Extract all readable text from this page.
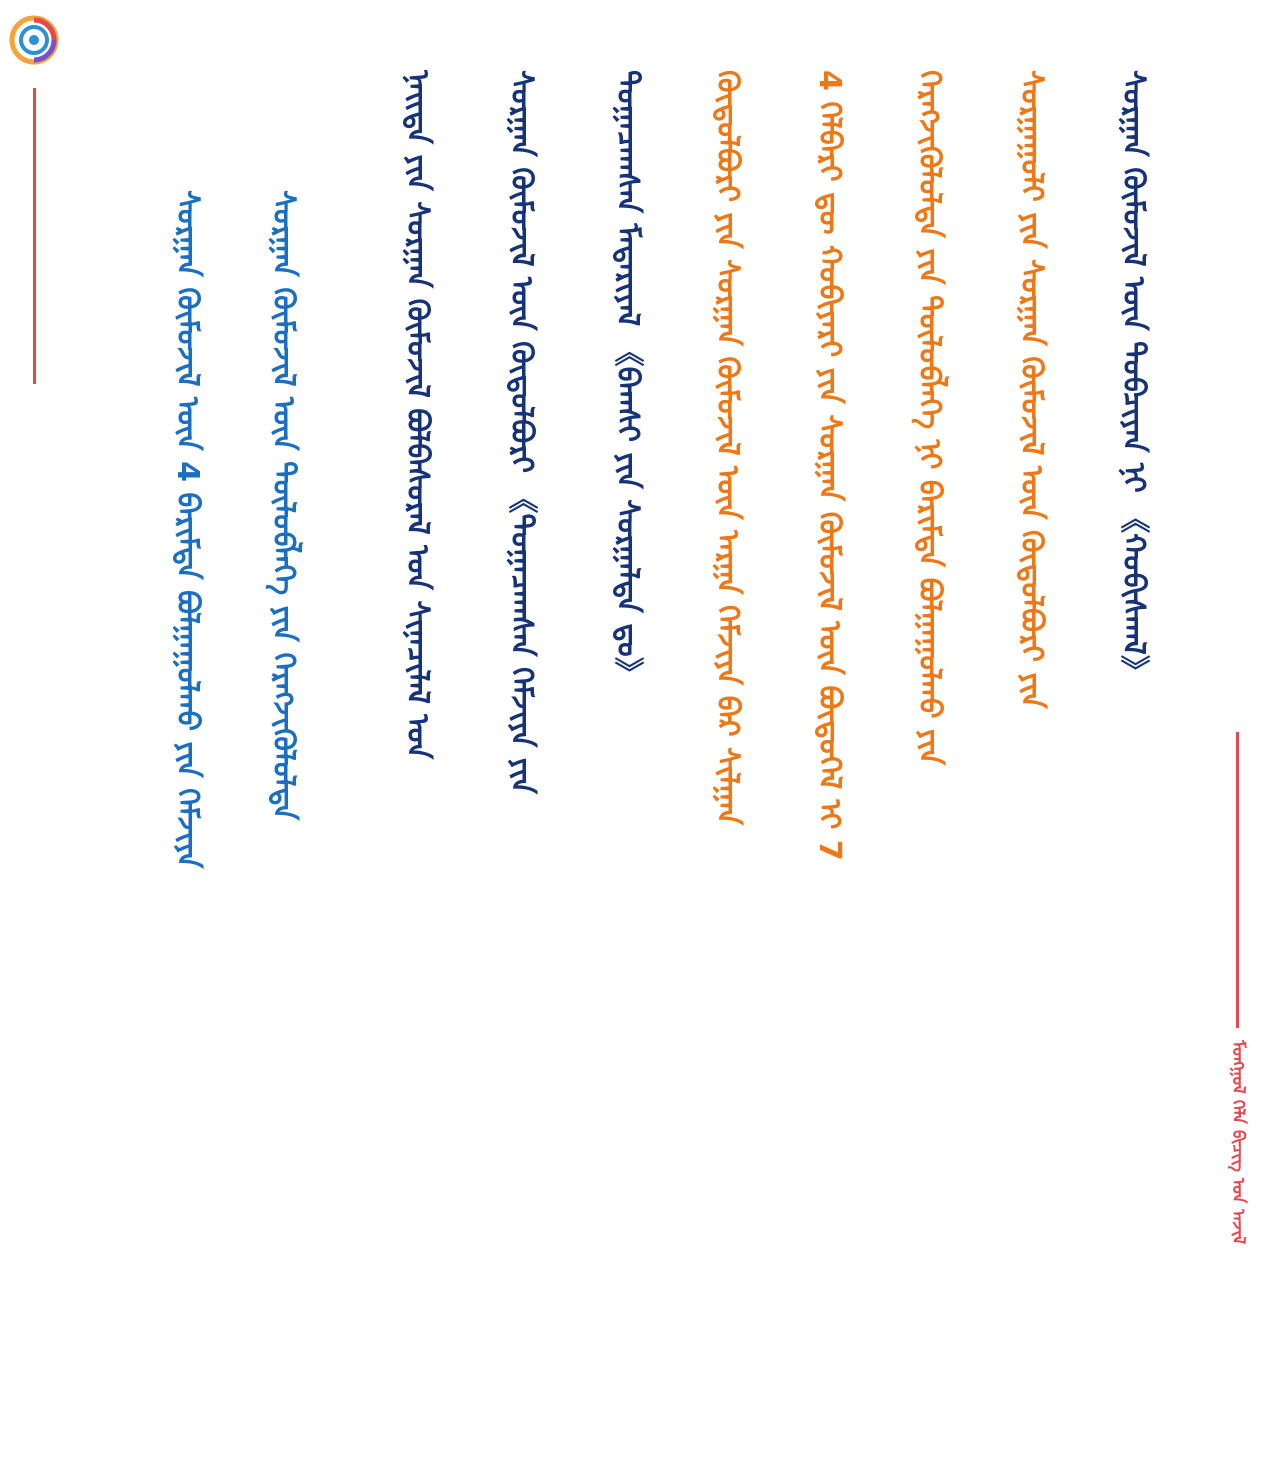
ᠮᠣᠩᠭᠣᠯ ᠬᠡᠯᠡ ᠪᠢᠴᠢᠭ ᠤᠨ ᠠᠵᠢᠯ
ᠰᠤᠷᠭᠠᠭᠤᠯᠢ ᠶᠢᠨ ᠰᠤᠷᠭᠠᠨ ᠬᠦᠮᠦᠵᠢᠯ ᠦᠨ ᠬᠦᠲᠦᠯᠪᠦᠷᠢ ᠶᠢᠨ ᠰᠤᠷᠭᠠᠨ ᠬᠦᠮᠦᠵᠢᠯ ᠦᠨ ᠲᠣᠪᠴᠢᠶᠠᠨ ᠨᠢ 《ᠬᠤᠪᠢᠰᠬᠠᠯ》
ᠬᠡᠷᠡᠭᠵᠢᠭᠦᠯᠦᠯᠲᠡ ᠶᠢᠨ ᠲᠥᠯᠥᠪᠯᠡᠭᠡ ᠨᠢ ᠪᠠᠷᠢᠮᠲᠠ ᠪᠣᠯᠭᠠᠭᠤᠯᠬᠤ ᠶᠢᠨ
4 ᠬᠡᠯᠪᠡᠷᠢ ᠳᠦ ᠬᠤᠪᠢᠶᠠᠷᠢ ᠶᠢᠨ ᠰᠤᠷᠭᠠᠨ ᠬᠦᠮᠦᠵᠢᠯ ᠦᠨ ᠪᠦᠲᠦᠭᠡᠯ ᠢ 7
ᠬᠦᠲᠦᠯᠪᠦᠷᠢ ᠶᠢᠨ ᠰᠤᠷᠭᠠᠨ ᠬᠦᠮᠦᠵᠢᠯ ᠦᠨ ᠠᠷᠭᠠ ᠬᠡᠮᠵᠢᠶᠡ ᠪᠠᠷ ᠰᠢᠯᠭᠠᠨ
ᠲᠣᠭᠠᠴᠠᠭᠰᠠᠨ ᠮᠠᠲᠠᠷᠢᠶᠠᠯ 《ᠪᠠᠭᠰᠢ ᠶᠢᠨ ᠰᠤᠷᠭᠠᠯᠲᠠ ᠳᠤ》
ᠰᠤᠷᠭᠠᠨ ᠬᠦᠮᠦᠵᠢᠯ ᠦᠨ ᠬᠦᠲᠦᠯᠪᠦᠷᠢ 《ᠲᠣᠭᠠᠴᠠᠭᠰᠠᠨ ᠬᠡᠮᠵᠢᠶᠡ ᠶᠢᠨ
ᠨᠡᠢᠲᠡ ᠶᠢᠨ ᠰᠤᠷᠭᠠᠨ ᠬᠦᠮᠦᠵᠢᠯ ᠪᠣᠯᠪᠠᠰᠤᠷᠠᠯ ᠤᠨ ᠰᠢᠨᠡᠴᠢᠯᠡᠯ ᠤᠨ
ᠰᠤᠷᠭᠠᠨ ᠬᠦᠮᠦᠵᠢᠯ ᠦᠨ ᠲᠥᠯᠥᠪᠯᠡᠭᠡ ᠶᠢᠨ ᠬᠡᠷᠡᠭᠵᠢᠭᠦᠯᠦᠯᠲᠡ
ᠰᠤᠷᠭᠠᠨ ᠬᠦᠮᠦᠵᠢᠯ ᠦᠨ 4 ᠪᠠᠷᠢᠮᠲᠠ ᠪᠣᠯᠭᠠᠭᠤᠯᠬᠤ ᠶᠢᠨ ᠬᠡᠮᠵᠢᠶᠡ
